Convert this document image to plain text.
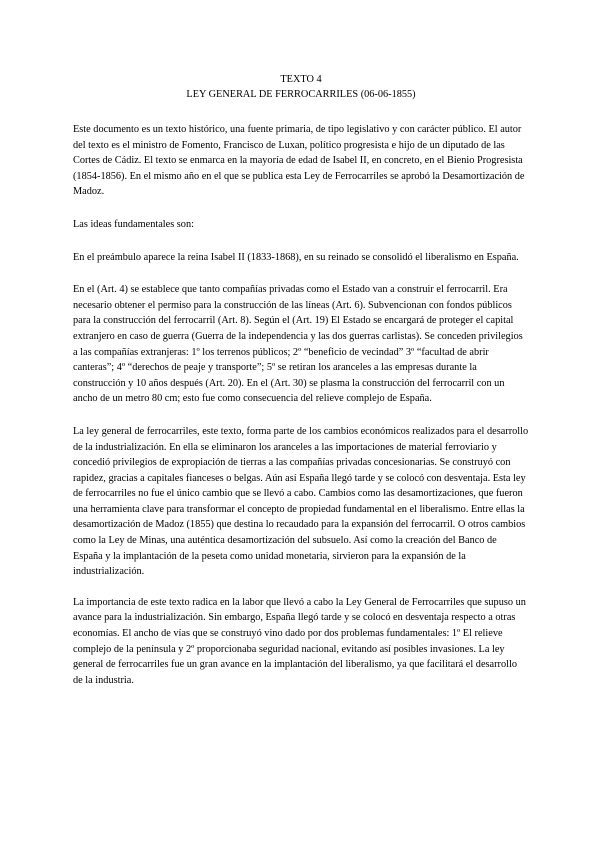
TEXTO 4

LEY GENERAL DE FERROCARRILES (06-06-1855)

Este documento es un texto histórico, una fuente primaria, de tipo legislativo y con carácter público. El autor del texto es el ministro de Fomento, Francisco de Luxan, político progresista e hijo de un diputado de las Cortes de Cádiz. El texto se enmarca en la mayoría de edad de Isabel II, en concreto, en el Bienio Progresista (1854-1856). En el mismo año en el que se publica esta Ley de Ferrocarriles se aprobó la Desamortización de Madoz.

Las ideas fundamentales son:

En el preámbulo aparece la reina Isabel II (1833-1868), en su reinado se consolidó el liberalismo en España.

En el (Art. 4) se establece que tanto compañías privadas como el Estado van a construir el ferrocarril. Era necesario obtener el permiso para la construcción de las líneas (Art. 6). Subvencionan con fondos públicos para la construcción del ferrocarril (Art. 8). Según el (Art. 19) El Estado se encargará de proteger el capital extranjero en caso de guerra (Guerra de la independencia y las dos guerras carlistas). Se conceden privilegios a las compañías extranjeras: 1º los terrenos públicos; 2º “beneficio de vecindad” 3º “facultad de abrir canteras”; 4º “derechos de peaje y transporte”; 5º se retiran los aranceles a las empresas durante la construcción y 10 años después (Art. 20). En el (Art. 30) se plasma la construcción del ferrocarril con un ancho de un metro 80 cm; esto fue como consecuencia del relieve complejo de España.

La ley general de ferrocarriles, este texto, forma parte de los cambios económicos realizados para el desarrollo de la industrialización. En ella se eliminaron los aranceles a las importaciones de material ferroviario y concedió privilegios de expropiación de tierras a las compañías privadas concesionarias. Se construyó con rapidez, gracias a capitales fianceses o belgas. Aún así España llegó tarde y se colocó con desventaja. Esta ley de ferrocarriles no fue el único cambio que se llevó a cabo. Cambios como las desamortizaciones, que fueron una herramienta clave para transformar el concepto de propiedad fundamental en el liberalismo. Entre ellas la desamortización de Madoz (1855) que destina lo recaudado para la expansión del ferrocarril. O otros cambios como la Ley de Minas, una auténtica desamortización del subsuelo. Así como la creación del Banco de España y la implantación de la peseta como unidad monetaria, sirvieron para la expansión de la industrialización.

La importancia de este texto radica en la labor que llevó a cabo la Ley General de Ferrocarriles que supuso un avance para la industrialización. Sin embargo, España llegó tarde y se colocó en desventaja respecto a otras economías. El ancho de vías que se construyó vino dado por dos problemas fundamentales: 1º El relieve complejo de la península y 2º proporcionaba seguridad nacional, evitando así posibles invasiones. La ley general de ferrocarriles fue un gran avance en la implantación del liberalismo, ya que facilitará el desarrollo de la industria.
